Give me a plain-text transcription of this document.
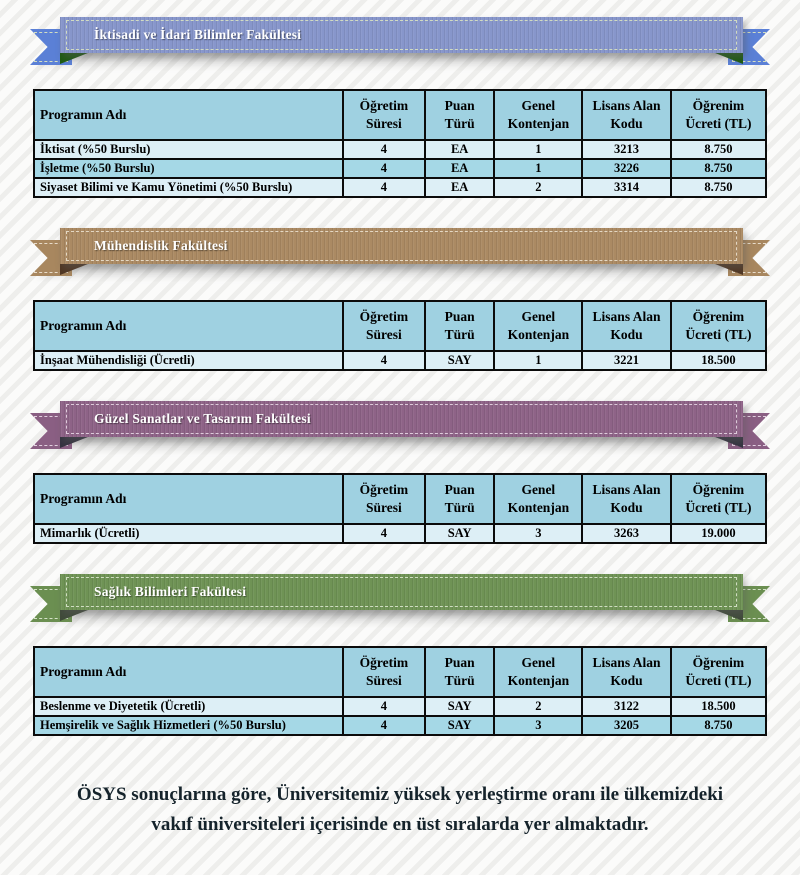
İktisadi ve İdari Bilimler Fakültesi
Programın Adı	Öğretim Süresi	Puan Türü	Genel Kontenjan	Lisans Alan Kodu	Öğrenim Ücreti (TL)
İktisat (%50 Burslu)	4	EA	1	3213	8.750
İşletme (%50 Burslu)	4	EA	1	3226	8.750
Siyaset Bilimi ve Kamu Yönetimi (%50 Burslu)	4	EA	2	3314	8.750
Mühendislik Fakültesi
Programın Adı	Öğretim Süresi	Puan Türü	Genel Kontenjan	Lisans Alan Kodu	Öğrenim Ücreti (TL)
İnşaat Mühendisliği (Ücretli)	4	SAY	1	3221	18.500
Güzel Sanatlar ve Tasarım Fakültesi
Programın Adı	Öğretim Süresi	Puan Türü	Genel Kontenjan	Lisans Alan Kodu	Öğrenim Ücreti (TL)
Mimarlık (Ücretli)	4	SAY	3	3263	19.000
Sağlık Bilimleri Fakültesi
Programın Adı	Öğretim Süresi	Puan Türü	Genel Kontenjan	Lisans Alan Kodu	Öğrenim Ücreti (TL)
Beslenme ve Diyetetik (Ücretli)	4	SAY	2	3122	18.500
Hemşirelik ve Sağlık Hizmetleri (%50 Burslu)	4	SAY	3	3205	8.750
ÖSYS sonuçlarına göre, Üniversitemiz yüksek yerleştirme oranı ile ülkemizdeki
vakıf üniversiteleri içerisinde en üst sıralarda yer almaktadır.
